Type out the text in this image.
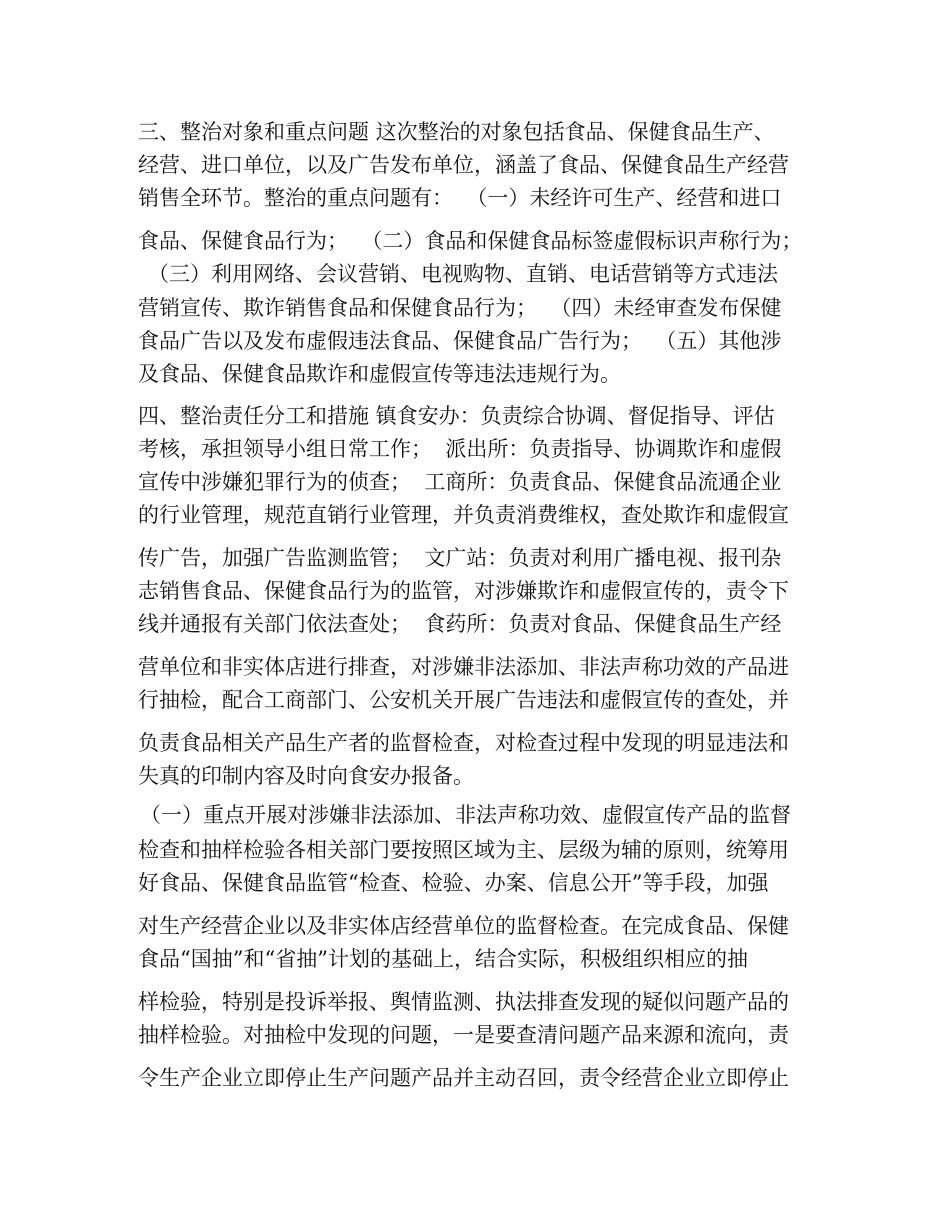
三、整治对象和重点问题 这次整治的对象包括食品、保健食品生产、
经营、进口单位，以及广告发布单位，涵盖了食品、保健食品生产经营
销售全环节。整治的重点问题有：  （一）未经许可生产、经营和进口
食品、保健食品行为；  （二）食品和保健食品标签虚假标识声称行为；
（三）利用网络、会议营销、电视购物、直销、电话营销等方式违法
营销宣传、欺诈销售食品和保健食品行为；  （四）未经审查发布保健
食品广告以及发布虚假违法食品、保健食品广告行为；  （五）其他涉
及食品、保健食品欺诈和虚假宣传等违法违规行为。
四、整治责任分工和措施 镇食安办：负责综合协调、督促指导、评估
考核，承担领导小组日常工作；  派出所：负责指导、协调欺诈和虚假
宣传中涉嫌犯罪行为的侦查；  工商所：负责食品、保健食品流通企业
的行业管理，规范直销行业管理，并负责消费维权，查处欺诈和虚假宣
传广告，加强广告监测监管；  文广站：负责对利用广播电视、报刊杂
志销售食品、保健食品行为的监管，对涉嫌欺诈和虚假宣传的，责令下
线并通报有关部门依法查处；  食药所：负责对食品、保健食品生产经
营单位和非实体店进行排查，对涉嫌非法添加、非法声称功效的产品进
行抽检，配合工商部门、公安机关开展广告违法和虚假宣传的查处，并
负责食品相关产品生产者的监督检查，对检查过程中发现的明显违法和
失真的印制内容及时向食安办报备。
（一）重点开展对涉嫌非法添加、非法声称功效、虚假宣传产品的监督
检查和抽样检验各相关部门要按照区域为主、层级为辅的原则，统筹用
好食品、保健食品监管“检查、检验、办案、信息公开”等手段，加强
对生产经营企业以及非实体店经营单位的监督检查。在完成食品、保健
食品“国抽”和“省抽”计划的基础上，结合实际，积极组织相应的抽
样检验，特别是投诉举报、舆情监测、执法排查发现的疑似问题产品的
抽样检验。对抽检中发现的问题，一是要查清问题产品来源和流向，责
令生产企业立即停止生产问题产品并主动召回，责令经营企业立即停止
